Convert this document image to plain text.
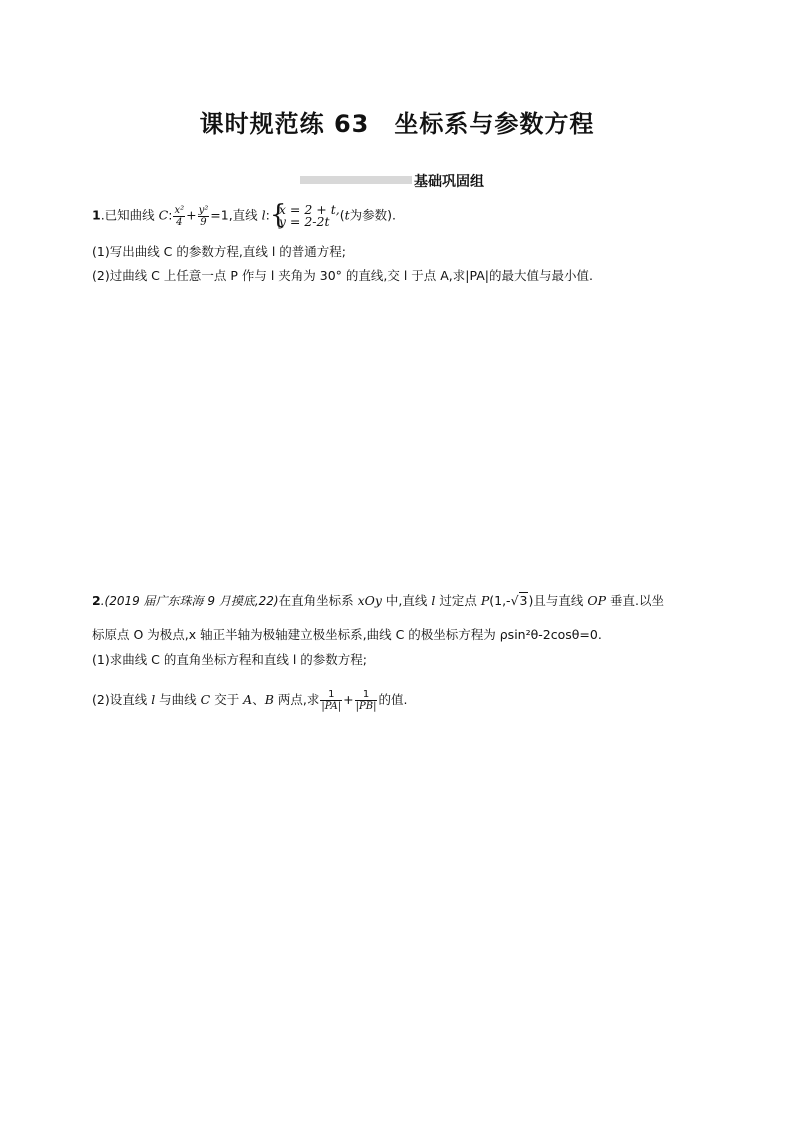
课时规范练 63　坐标系与参数方程
基础巩固组
1.已知曲线 C: $\frac{\text{x²}}{4} + \frac{\text{y²}}{9} =1$,直线 l: {
x = 2 + t,
y = 2-2t (t为参数).
(1)写出曲线 C 的参数方程,直线 l 的普通方程;
(2)过曲线 C 上任意一点 P 作与 l 夹角为 30° 的直线,交 l 于点 A,求|PA|的最大值与最小值.
2.(2019 届广东珠海 9 月摸底,22)在直角坐标系 xOy 中,直线 l 过定点 P(1,-√3)且与直线 OP 垂直.以坐
标原点 O 为极点,x 轴正半轴为极轴建立极坐标系,曲线 C 的极坐标方程为 ρsin²θ-2cosθ=0.
(1)求曲线 C 的直角坐标方程和直线 l 的参数方程;
(2)设直线 l 与曲线 C 交于 A、B 两点,求 $\frac{1}{|PA|} + \frac{1}{|PB|}$ 的值.
